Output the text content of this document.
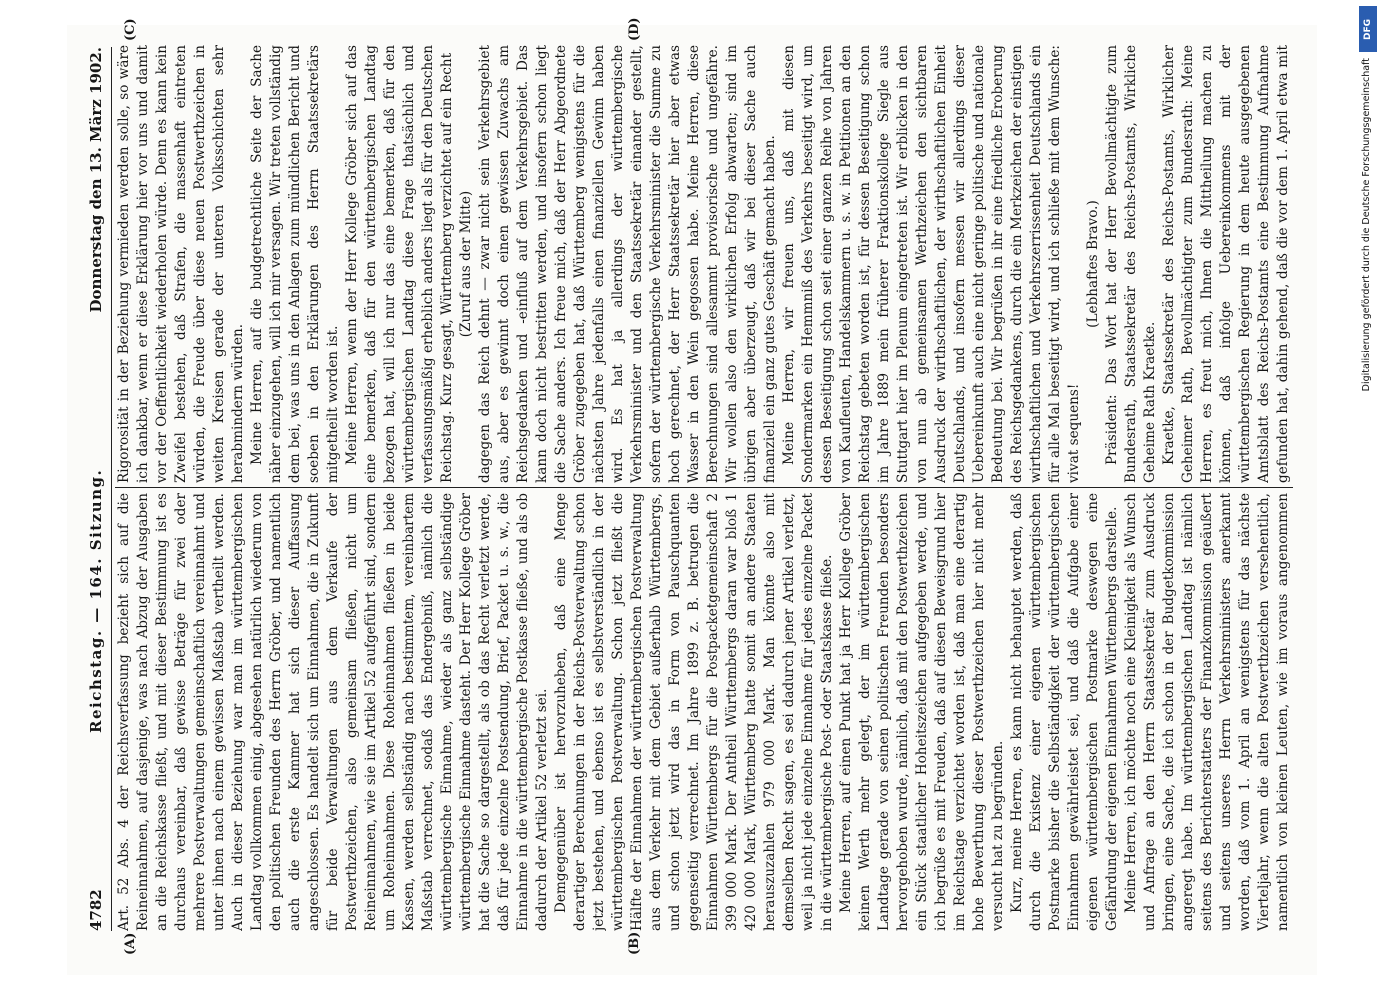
4782
Reichstag. — 164. Sitzung.
Donnerstag den 13. März 1902.
(A)	(B)
(C)	(D)

Art. 52 Abs. 4 der Reichsverfassung bezieht sich auf die Reineinnahmen, auf dasjenige, was nach Abzug der Ausgaben an die Reichskasse fließt, und mit dieser Bestimmung ist es durchaus vereinbar, daß gewisse Beträge für zwei oder mehrere Postverwaltungen gemeinschaftlich vereinnahmt und unter ihnen nach einem gewissen Maßstab vertheilt werden. Auch in dieser Beziehung war man im württembergischen Landtag vollkommen einig, abgesehen natürlich wiederum von den politischen Freunden des Herrn Gröber, und namentlich auch die erste Kammer hat sich dieser Auffassung angeschlossen. Es handelt sich um Einnahmen, die in Zukunft für beide Verwaltungen aus dem Verkaufe der Postwerthzeichen, also gemeinsam fließen, nicht um Reineinnahmen, wie sie im Artikel 52 aufgeführt sind, sondern um Roheinnahmen. Diese Roheinnahmen fließen in beide Kassen, werden selbständig nach bestimmtem, vereinbartem Maßstab verrechnet, sodaß das Endergebniß, nämlich die württembergische Einnahme, wieder als ganz selbständige württembergische Einnahme dasteht. Der Herr Kollege Gröber hat die Sache so dargestellt, als ob das Recht verletzt werde, daß für jede einzelne Postsendung, Brief, Packet u. s. w., die Einnahme in die württembergische Postkasse fließe, und als ob dadurch der Artikel 52 verletzt sei. Demgegenüber ist hervorzuheben, daß eine Menge derartiger Berechnungen in der Reichs-Postverwaltung schon jetzt bestehen, und ebenso ist es selbstverständlich in der württembergischen Postverwaltung. Schon jetzt fließt die Hälfte der Einnahmen der württembergischen Postverwaltung aus dem Verkehr mit dem Gebiet außerhalb Württembergs, und schon jetzt wird das in Form von Pauschquanten gegenseitig verrechnet. Im Jahre 1899 z. B. betrugen die Einnahmen Württembergs für die Postpacketgemeinschaft 2 399 000 Mark. Der Antheil Württembergs daran war bloß 1 420 000 Mark, Württemberg hatte somit an andere Staaten herauszuzahlen 979 000 Mark. Man könnte also mit demselben Recht sagen, es sei dadurch jener Artikel verletzt, weil ja nicht jede einzelne Einnahme für jedes einzelne Packet in die württembergische Post- oder Staatskasse fließe. Meine Herren, auf einen Punkt hat ja Herr Kollege Gröber keinen Werth mehr gelegt, der im württembergischen Landtage gerade von seinen politischen Freunden besonders hervorgehoben wurde, nämlich, daß mit den Postwerthzeichen ein Stück staatlicher Hoheitszeichen aufgegeben werde, und ich begrüße es mit Freuden, daß auf diesen Beweisgrund hier im Reichstage verzichtet worden ist, daß man eine derartig hohe Bewerthung dieser Postwerthzeichen hier nicht mehr versucht hat zu begründen. Kurz, meine Herren, es kann nicht behauptet werden, daß durch die Existenz einer eigenen württembergischen Postmarke bisher die Selbständigkeit der württembergischen Einnahmen gewährleistet sei, und daß die Aufgabe einer eigenen württembergischen Postmarke deswegen eine Gefährdung der eigenen Einnahmen Württembergs darstelle. Meine Herren, ich möchte noch eine Kleinigkeit als Wunsch und Anfrage an den Herrn Staatssekretär zum Ausdruck bringen, eine Sache, die ich schon in der Budgetkommission angeregt habe. Im württembergischen Landtag ist nämlich seitens des Berichterstatters der Finanzkommission geäußert und seitens unseres Herrn Verkehrsministers anerkannt worden, daß vom 1. April an wenigstens für das nächste Vierteljahr, wenn die alten Postwerthzeichen versehentlich, namentlich von kleinen Leuten, wie im voraus angenommen

Rigorosität in der Beziehung vermieden werden solle, so wäre ich dankbar, wenn er diese Erklärung hier vor uns und damit vor der Oeffentlichkeit wiederholen würde. Denn es kann kein Zweifel bestehen, daß Strafen, die massenhaft eintreten würden, die Freude über diese neuen Postwerthzeichen in weiten Kreisen gerade der unteren Volksschichten sehr herabmindern würden. Meine Herren, auf die budgetrechtliche Seite der Sache näher einzugehen, will ich mir versagen. Wir treten vollständig dem bei, was uns in den Anlagen zum mündlichen Bericht und soeben in den Erklärungen des Herrn Staatssekretärs mitgetheilt worden ist. Meine Herren, wenn der Herr Kollege Gröber sich auf das eine bemerken, daß für den württembergischen Landtag bezogen hat, will ich nur das eine bemerken, daß für den württembergischen Landtag diese Frage thatsächlich und verfassungsmäßig erheblich anders liegt als für den Deutschen Reichstag. Kurz gesagt, Württemberg verzichtet auf ein Recht (Zuruf aus der Mitte) dagegen das Reich dehnt — zwar nicht sein Verkehrsgebiet aus, aber es gewinnt doch einen gewissen Zuwachs am Reichsgedanken und -einfluß auf dem Verkehrsgebiet. Das kann doch nicht bestritten werden, und insofern schon liegt die Sache anders. Ich freue mich, daß der Herr Abgeordnete Gröber zugegeben hat, daß Württemberg wenigstens für die nächsten Jahre jedenfalls einen finanziellen Gewinn haben wird. Es hat ja allerdings der württembergische Verkehrsminister und den Staatssekretär einander gestellt, sofern der württembergische Verkehrsminister die Summe zu hoch gerechnet, der Herr Staatssekretär hier aber etwas Wasser in den Wein gegossen habe. Meine Herren, diese Berechnungen sind allesammt provisorische und ungefähre. Wir wollen also den wirklichen Erfolg abwarten; sind im übrigen aber überzeugt, daß wir bei dieser Sache auch finanziell ein ganz gutes Geschäft gemacht haben. Meine Herren, wir freuen uns, daß mit diesen Sondermarken ein Hemmniß des Verkehrs beseitigt wird, um dessen Beseitigung schon seit einer ganzen Reihe von Jahren von Kaufleuten, Handelskammern u. s. w. in Petitionen an den Reichstag gebeten worden ist, für dessen Beseitigung schon im Jahre 1889 mein früherer Fraktionskollege Siegle aus Stuttgart hier im Plenum eingetreten ist. Wir erblicken in den von nun ab gemeinsamen Werthzeichen den sichtbaren Ausdruck der wirthschaftlichen, der wirthschaftlichen Einheit Deutschlands, und insofern messen wir allerdings dieser Uebereinkunft auch eine nicht geringe politische und nationale Bedeutung bei. Wir begrüßen in ihr eine friedliche Eroberung des Reichsgedankens, durch die ein Merkzeichen der einstigen wirthschaftlichen und Verkehrszerrissenheit Deutschlands ein für alle Mal beseitigt wird, und ich schließe mit dem Wunsche: vivat sequens!

(Lebhaftes Bravo.) Präsident: Das Wort hat der Herr Bevollmächtigte zum Bundesrath, Staatssekretär des Reichs-Postamts, Wirkliche Geheime Rath Kraetke. Kraetke, Staatssekretär des Reichs-Postamts, Wirklicher Geheimer Rath, Bevollmächtigter zum Bundesrath: Meine Herren, es freut mich, Ihnen die Mittheilung machen zu können, daß infolge Uebereinkommens mit der württembergischen Regierung in dem heute ausgegebenen Amtsblatt des Reichs-Postamts eine Bestimmung Aufnahme gefunden hat, dahin gehend, daß die vor dem 1. April etwa mit

DFG
Digitalisierung gefördert durch die Deutsche Forschungsgemeinschaft
